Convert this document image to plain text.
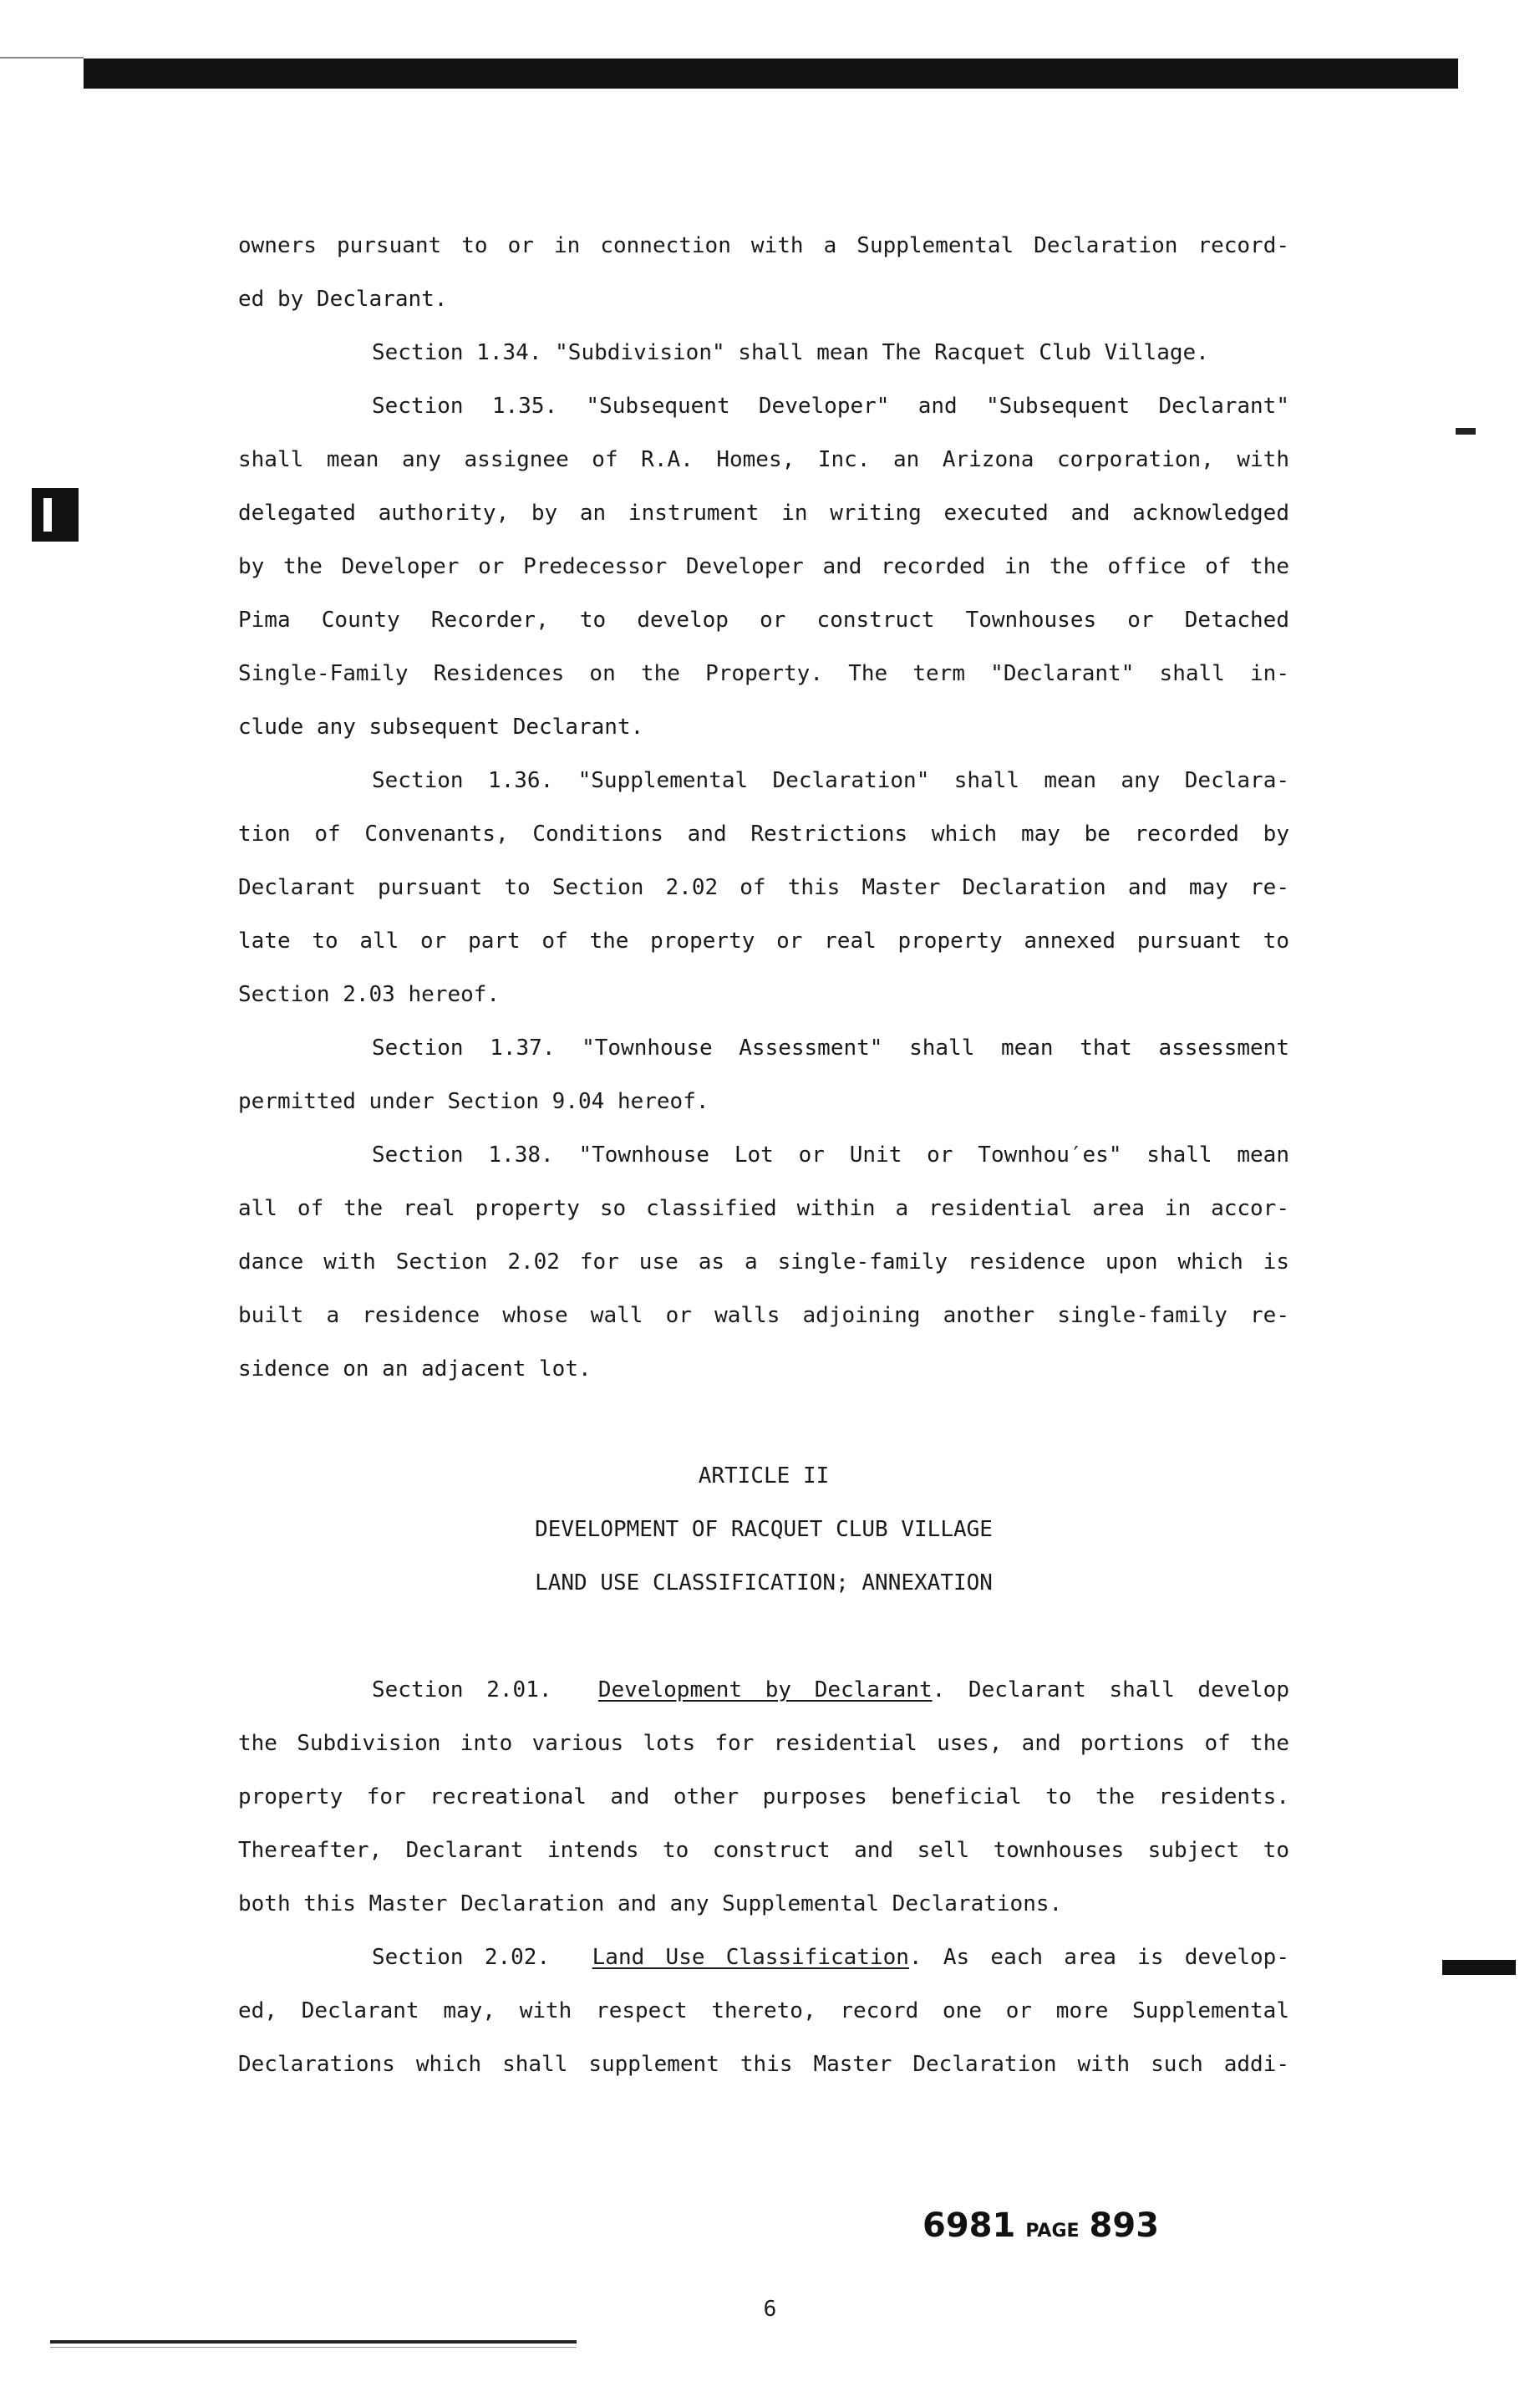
owners pursuant to or in connection with a Supplemental Declaration record-
ed by Declarant.
Section 1.34. "Subdivision" shall mean The Racquet Club Village.
Section 1.35. "Subsequent Developer" and "Subsequent Declarant"
shall mean any assignee of R.A. Homes, Inc. an Arizona corporation, with
delegated authority, by an instrument in writing executed and acknowledged
by the Developer or Predecessor Developer and recorded in the office of the
Pima County Recorder, to develop or construct Townhouses or Detached
Single-Family Residences on the Property. The term "Declarant" shall in-
clude any subsequent Declarant.
Section 1.36. "Supplemental Declaration" shall mean any Declara-
tion of Convenants, Conditions and Restrictions which may be recorded by
Declarant pursuant to Section 2.02 of this Master Declaration and may re-
late to all or part of the property or real property annexed pursuant to
Section 2.03 hereof.
Section 1.37. "Townhouse Assessment" shall mean that assessment
permitted under Section 9.04 hereof.
Section 1.38. "Townhouse Lot or Unit or Townhou′es" shall mean
all of the real property so classified within a residential area in accor-
dance with Section 2.02 for use as a single-family residence upon which is
built a residence whose wall or walls adjoining another single-family re-
sidence on an adjacent lot.
ARTICLE II
DEVELOPMENT OF RACQUET CLUB VILLAGE
LAND USE CLASSIFICATION; ANNEXATION
Section 2.01. Development by Declarant. Declarant shall develop
the Subdivision into various lots for residential uses, and portions of the
property for recreational and other purposes beneficial to the residents.
Thereafter, Declarant intends to construct and sell townhouses subject to
both this Master Declaration and any Supplemental Declarations.
Section 2.02. Land Use Classification. As each area is develop-
ed, Declarant may, with respect thereto, record one or more Supplemental
Declarations which shall supplement this Master Declaration with such addi-
6981 PAGE 893
6
